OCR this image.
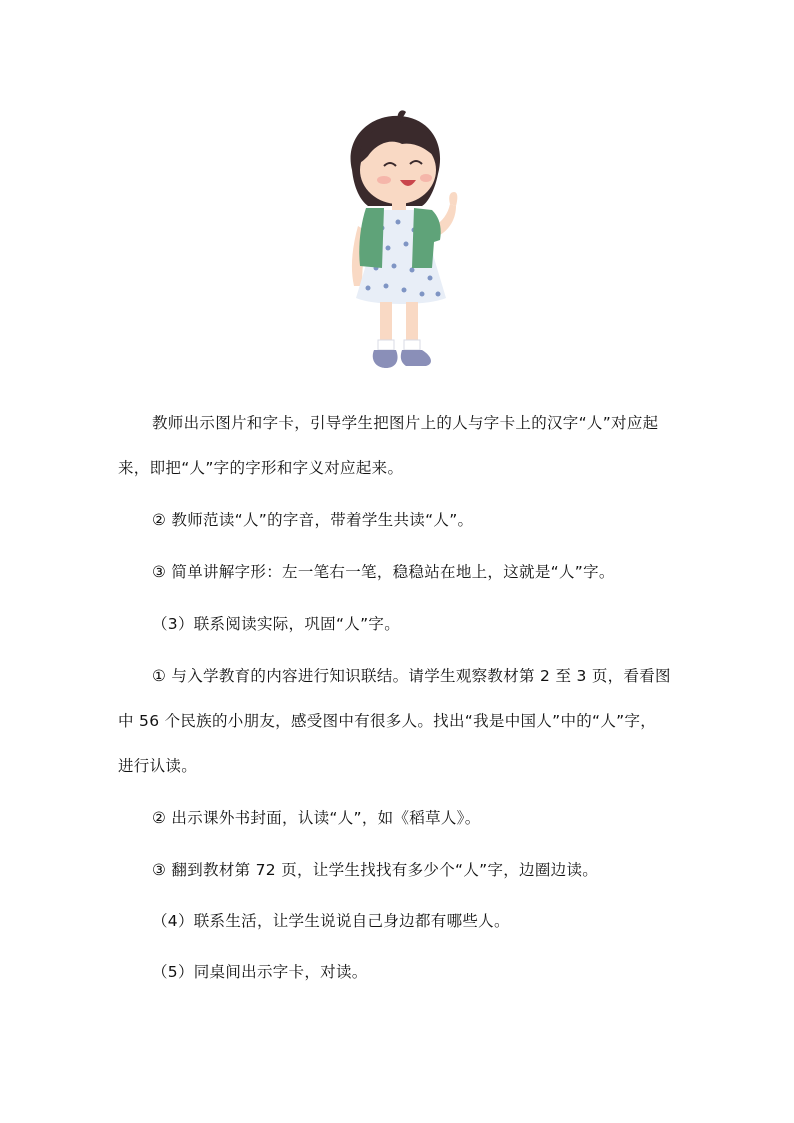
教师出示图片和字卡，引导学生把图片上的人与字卡上的汉字“人”对应起

来，即把“人”字的字形和字义对应起来。

② 教师范读“人”的字音，带着学生共读“人”。

③ 简单讲解字形：左一笔右一笔，稳稳站在地上，这就是“人”字。

（3）联系阅读实际，巩固“人”字。

① 与入学教育的内容进行知识联结。请学生观察教材第 2 至 3 页，看看图

中 56 个民族的小朋友，感受图中有很多人。找出“我是中国人”中的“人”字，

进行认读。

② 出示课外书封面，认读“人”，如《稻草人》。

③ 翻到教材第 72 页，让学生找找有多少个“人”字，边圈边读。

（4）联系生活，让学生说说自己身边都有哪些人。

（5）同桌间出示字卡，对读。
